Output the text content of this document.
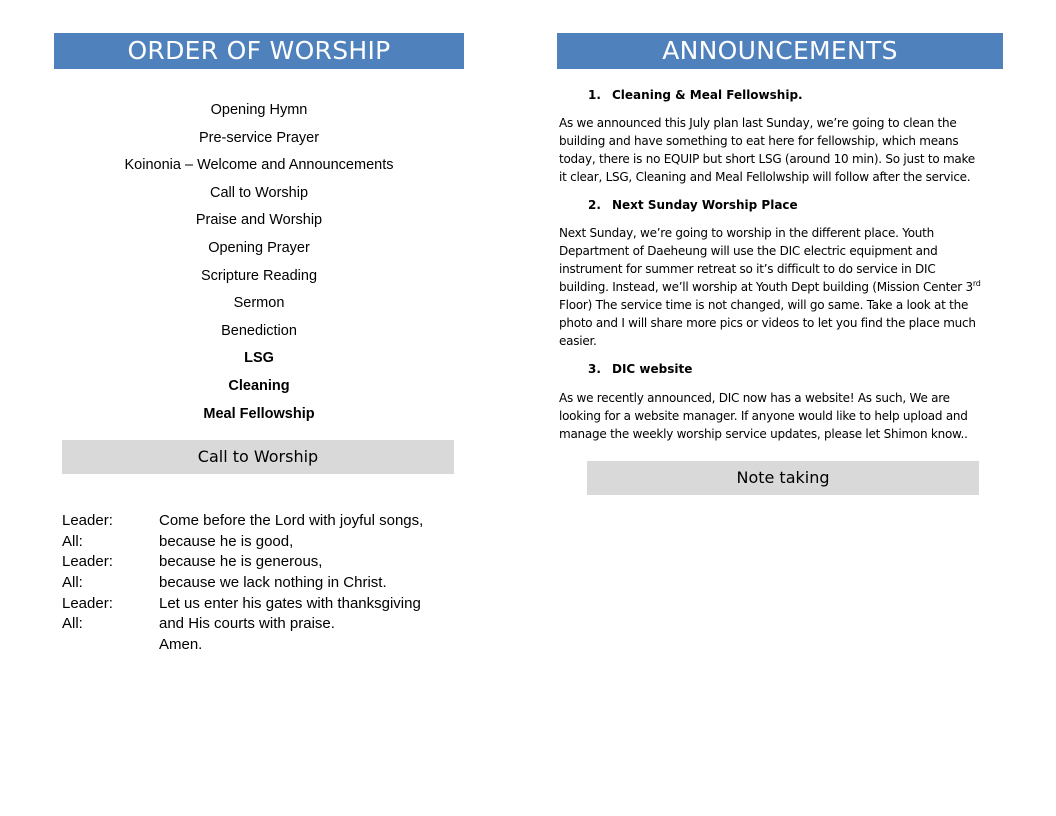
ORDER OF WORSHIP
Opening Hymn
Pre-service Prayer
Koinonia – Welcome and Announcements
Call to Worship
Praise and Worship
Opening Prayer
Scripture Reading
Sermon
Benediction
LSG
Cleaning
Meal Fellowship
Call to Worship
Leader:	Come before the Lord with joyful songs,
All:	because he is good,
Leader:	because he is generous,
All:	because we lack nothing in Christ.
Leader:	Let us enter his gates with thanksgiving
All:	and His courts with praise.
Amen.
ANNOUNCEMENTS
1. Cleaning & Meal Fellowship.
As we announced this July plan last Sunday, we’re going to clean the
building and have something to eat here for fellowship, which means
today, there is no EQUIP but short LSG (around 10 min). So just to make
it clear, LSG, Cleaning and Meal Fellolwship will follow after the service.
2. Next Sunday Worship Place
Next Sunday, we’re going to worship in the different place. Youth
Department of Daeheung will use the DIC electric equipment and
instrument for summer retreat so it’s difficult to do service in DIC
building. Instead, we’ll worship at Youth Dept building (Mission Center 3rd
Floor) The service time is not changed, will go same. Take a look at the
photo and I will share more pics or videos to let you find the place much
easier.
3. DIC website
As we recently announced, DIC now has a website! As such, We are
looking for a website manager. If anyone would like to help upload and
manage the weekly worship service updates, please let Shimon know..
Note taking
